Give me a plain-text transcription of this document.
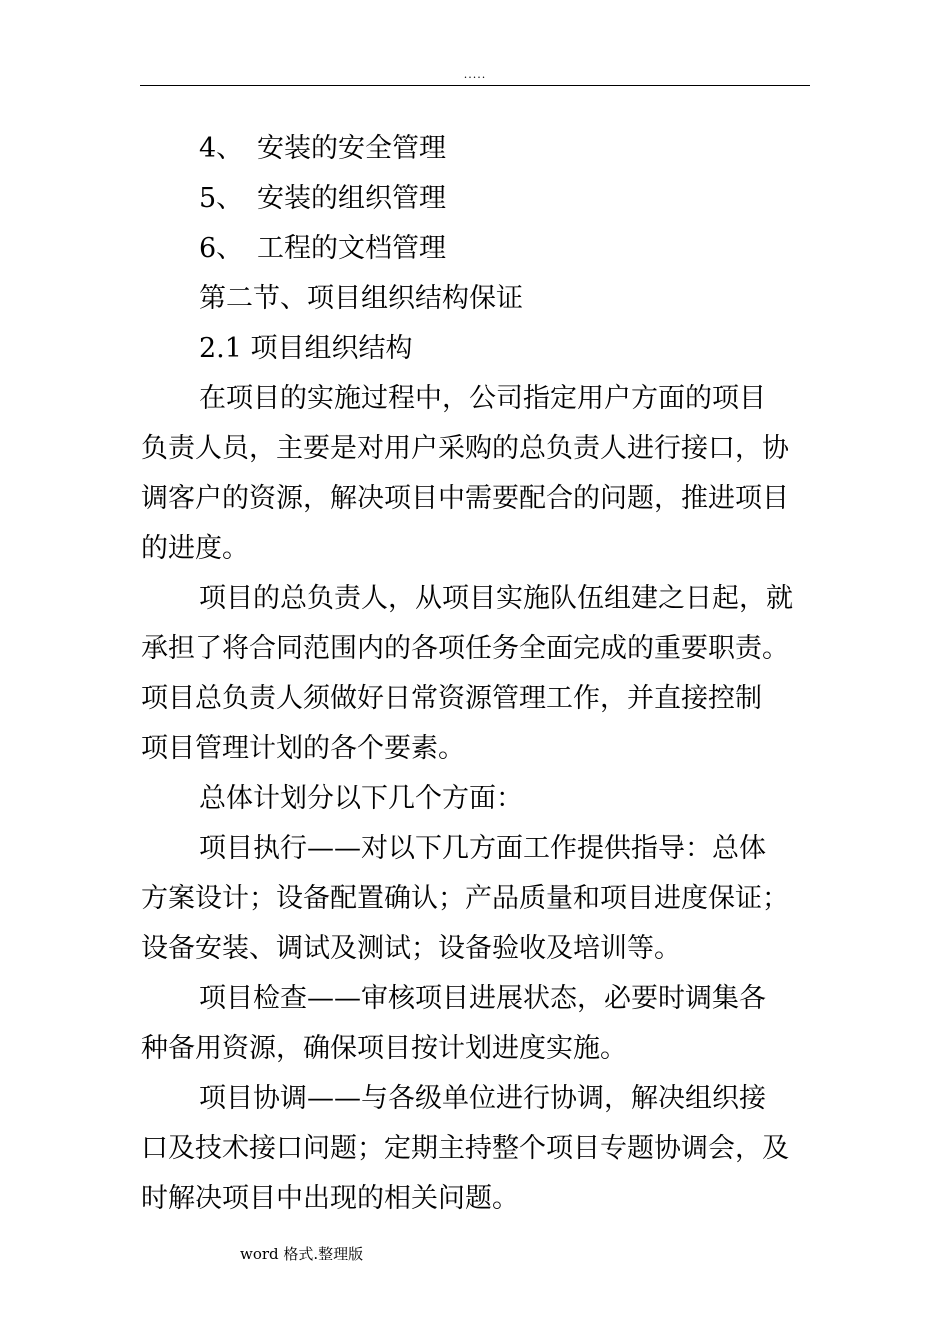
.....
4、 安装的安全管理
5、 安装的组织管理
6、 工程的文档管理
第二节、项目组织结构保证
2.1 项目组织结构
在项目的实施过程中，公司指定用户方面的项目
负责人员，主要是对用户采购的总负责人进行接口，协
调客户的资源，解决项目中需要配合的问题，推进项目
的进度。
项目的总负责人，从项目实施队伍组建之日起，就
承担了将合同范围内的各项任务全面完成的重要职责。
项目总负责人须做好日常资源管理工作，并直接控制
项目管理计划的各个要素。
总体计划分以下几个方面：
项目执行——对以下几方面工作提供指导：总体
方案设计；设备配置确认；产品质量和项目进度保证；
设备安装、调试及测试；设备验收及培训等。
项目检查——审核项目进展状态，必要时调集各
种备用资源，确保项目按计划进度实施。
项目协调——与各级单位进行协调，解决组织接
口及技术接口问题；定期主持整个项目专题协调会，及
时解决项目中出现的相关问题。
word 格式.整理版
